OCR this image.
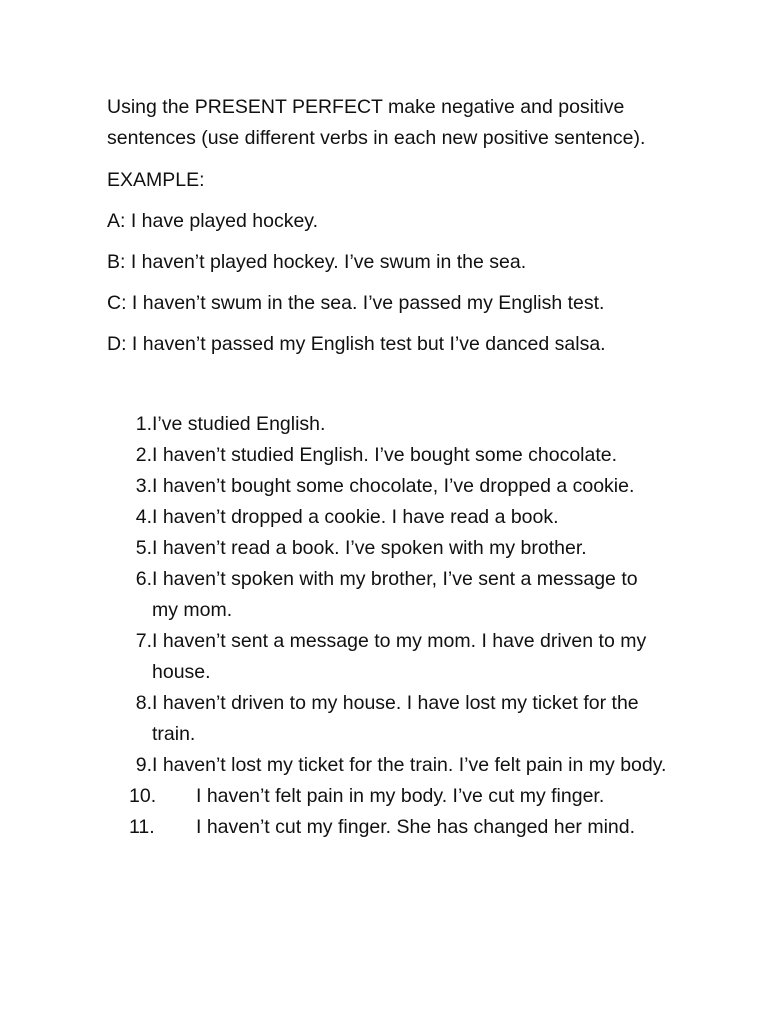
Using the PRESENT PERFECT make negative and positive sentences (use different verbs in each new positive sentence).

EXAMPLE:

A: I have played hockey.

B: I haven’t played hockey. I’ve swum in the sea.

C: I haven’t swum in the sea. I’ve passed my English test.

D: I haven’t passed my English test but I’ve danced salsa.

1. I’ve studied English.
2. I haven’t studied English. I’ve bought some chocolate.
3. I haven’t bought some chocolate, I’ve dropped a cookie.
4. I haven’t dropped a cookie. I have read a book.
5. I haven’t read a book. I’ve spoken with my brother.
6. I haven’t spoken with my brother, I’ve sent a message to my mom.
7. I haven’t sent a message to my mom. I have driven to my house.
8. I haven’t driven to my house. I have lost my ticket for the train.
9. I haven’t lost my ticket for the train. I’ve felt pain in my body.
10.	I haven’t felt pain in my body. I’ve cut my finger.
11.	I haven’t cut my finger. She has changed her mind.
